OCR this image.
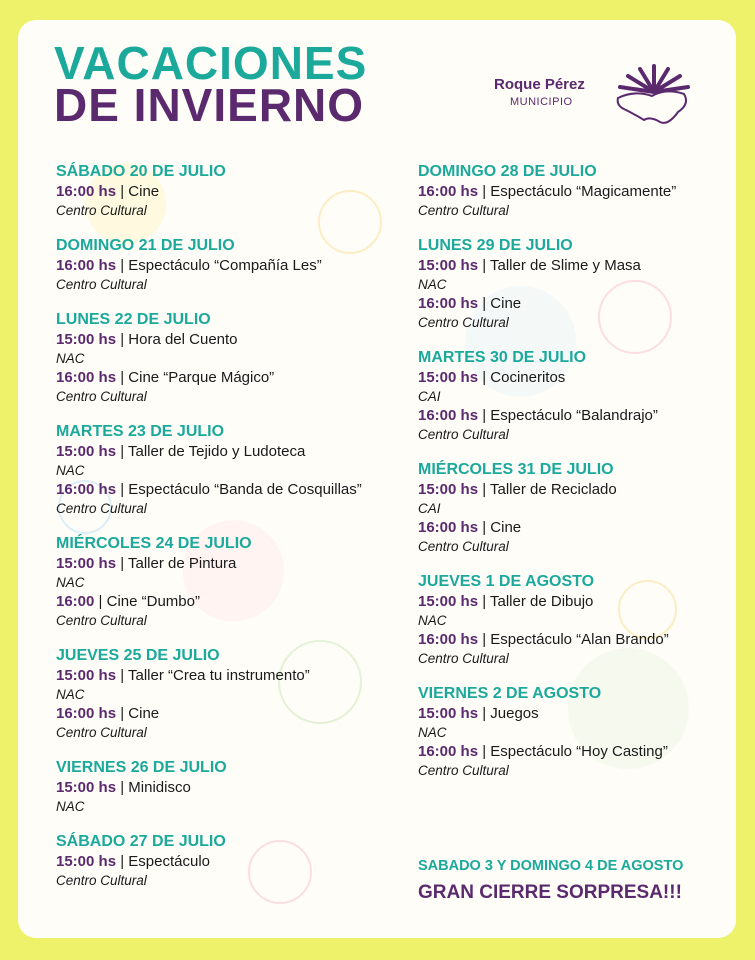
VACACIONES
DE INVIERNO	Roque Pérez
MUNICIPIO
SÁBADO 20 DE JULIO
16:00 hs | Cine
Centro Cultural
DOMINGO 21 DE JULIO
16:00 hs | Espectáculo “Compañía Les”
Centro Cultural
LUNES 22 DE JULIO
15:00 hs | Hora del Cuento
NAC
16:00 hs | Cine “Parque Mágico”
Centro Cultural
MARTES 23 DE JULIO
15:00 hs | Taller de Tejido y Ludoteca
NAC
16:00 hs | Espectáculo “Banda de Cosquillas”
Centro Cultural
MIÉRCOLES 24 DE JULIO
15:00 hs | Taller de Pintura
NAC
16:00 | Cine “Dumbo”
Centro Cultural
JUEVES 25 DE JULIO
15:00 hs | Taller “Crea tu instrumento”
NAC
16:00 hs | Cine
Centro Cultural
VIERNES 26 DE JULIO
15:00 hs | Minidisco
NAC
SÁBADO 27 DE JULIO
15:00 hs | Espectáculo
Centro Cultural
DOMINGO 28 DE JULIO
16:00 hs | Espectáculo “Magicamente”
Centro Cultural
LUNES 29 DE JULIO
15:00 hs | Taller de Slime y Masa
NAC
16:00 hs | Cine
Centro Cultural
MARTES 30 DE JULIO
15:00 hs | Cocineritos
CAI
16:00 hs | Espectáculo “Balandrajo”
Centro Cultural
MIÉRCOLES 31 DE JULIO
15:00 hs | Taller de Reciclado
CAI
16:00 hs | Cine
Centro Cultural
JUEVES 1 DE AGOSTO
15:00 hs | Taller de Dibujo
NAC
16:00 hs | Espectáculo “Alan Brando”
Centro Cultural
VIERNES 2 DE AGOSTO
15:00 hs | Juegos
NAC
16:00 hs | Espectáculo “Hoy Casting”
Centro Cultural
SABADO 3 Y DOMINGO 4 DE AGOSTO
GRAN CIERRE SORPRESA!!!
